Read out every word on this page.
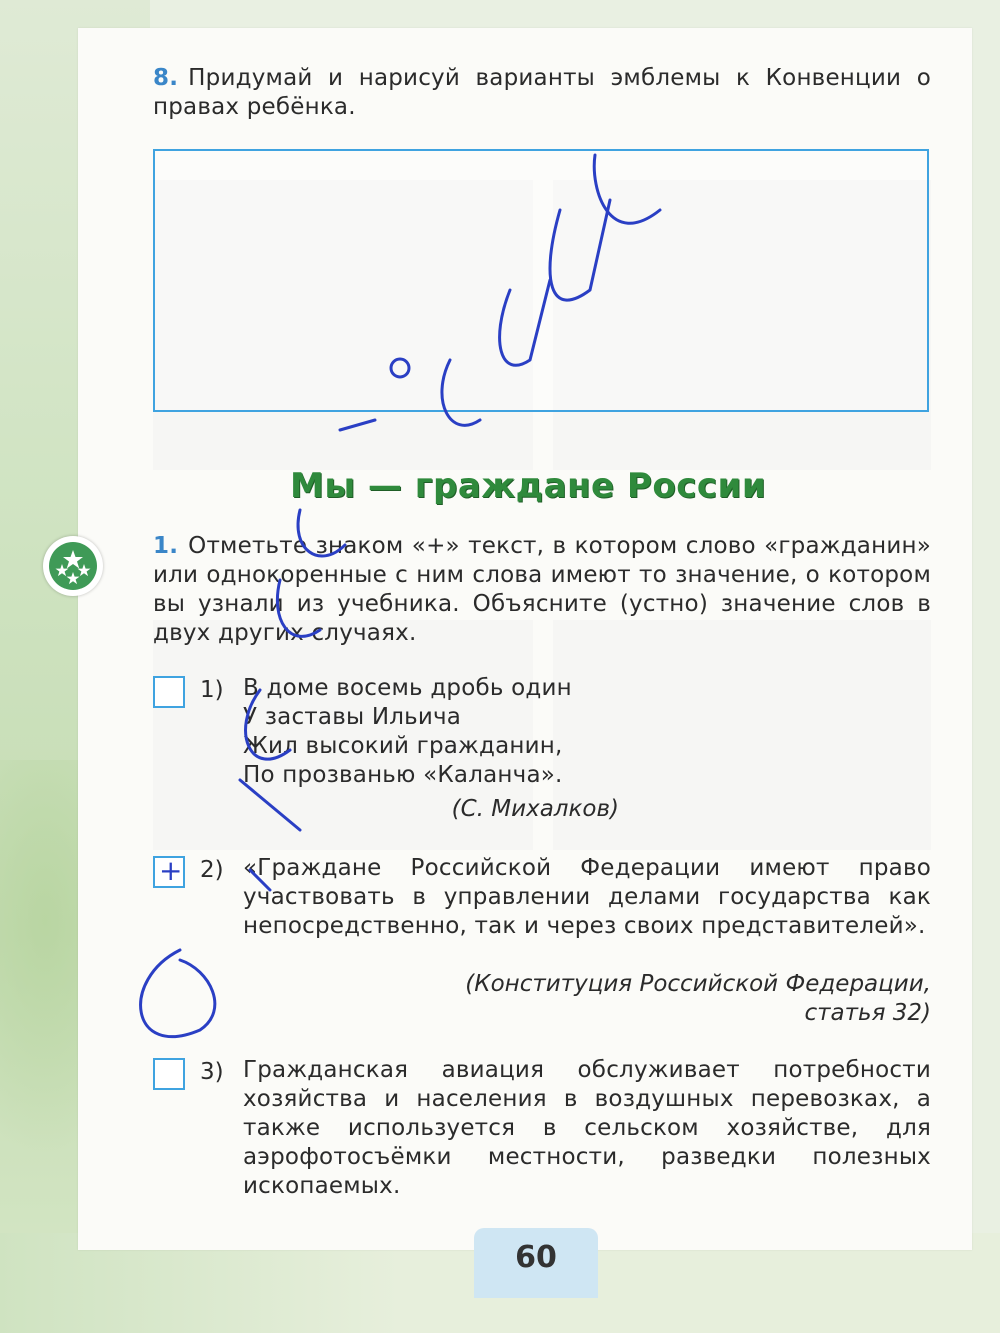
8. Придумай и нарисуй варианты эмблемы к Конвенции о правах ребёнка.
Мы — граждане России
1. Отметьте знаком «+» текст, в котором слово «гражданин» или однокоренные с ним слова имеют то значение, о котором вы узнали из учебника. Объясните (устно) значение слов в двух других случаях.
1) В доме восемь дробь один
У заставы Ильича
Жил высокий гражданин,
По прозванью «Каланча».
(С. Михалков)
+ 2) «Граждане Российской Федерации имеют право участвовать в управлении делами государства как непосредственно, так и через своих представителей».
(Конституция Российской Федерации,
статья 32)
3) Гражданская авиация обслуживает потребности хозяйства и населения в воздушных перевозках, а также используется в сельском хозяйстве, для аэрофотосъёмки местности, разведки полезных ископаемых.
60
